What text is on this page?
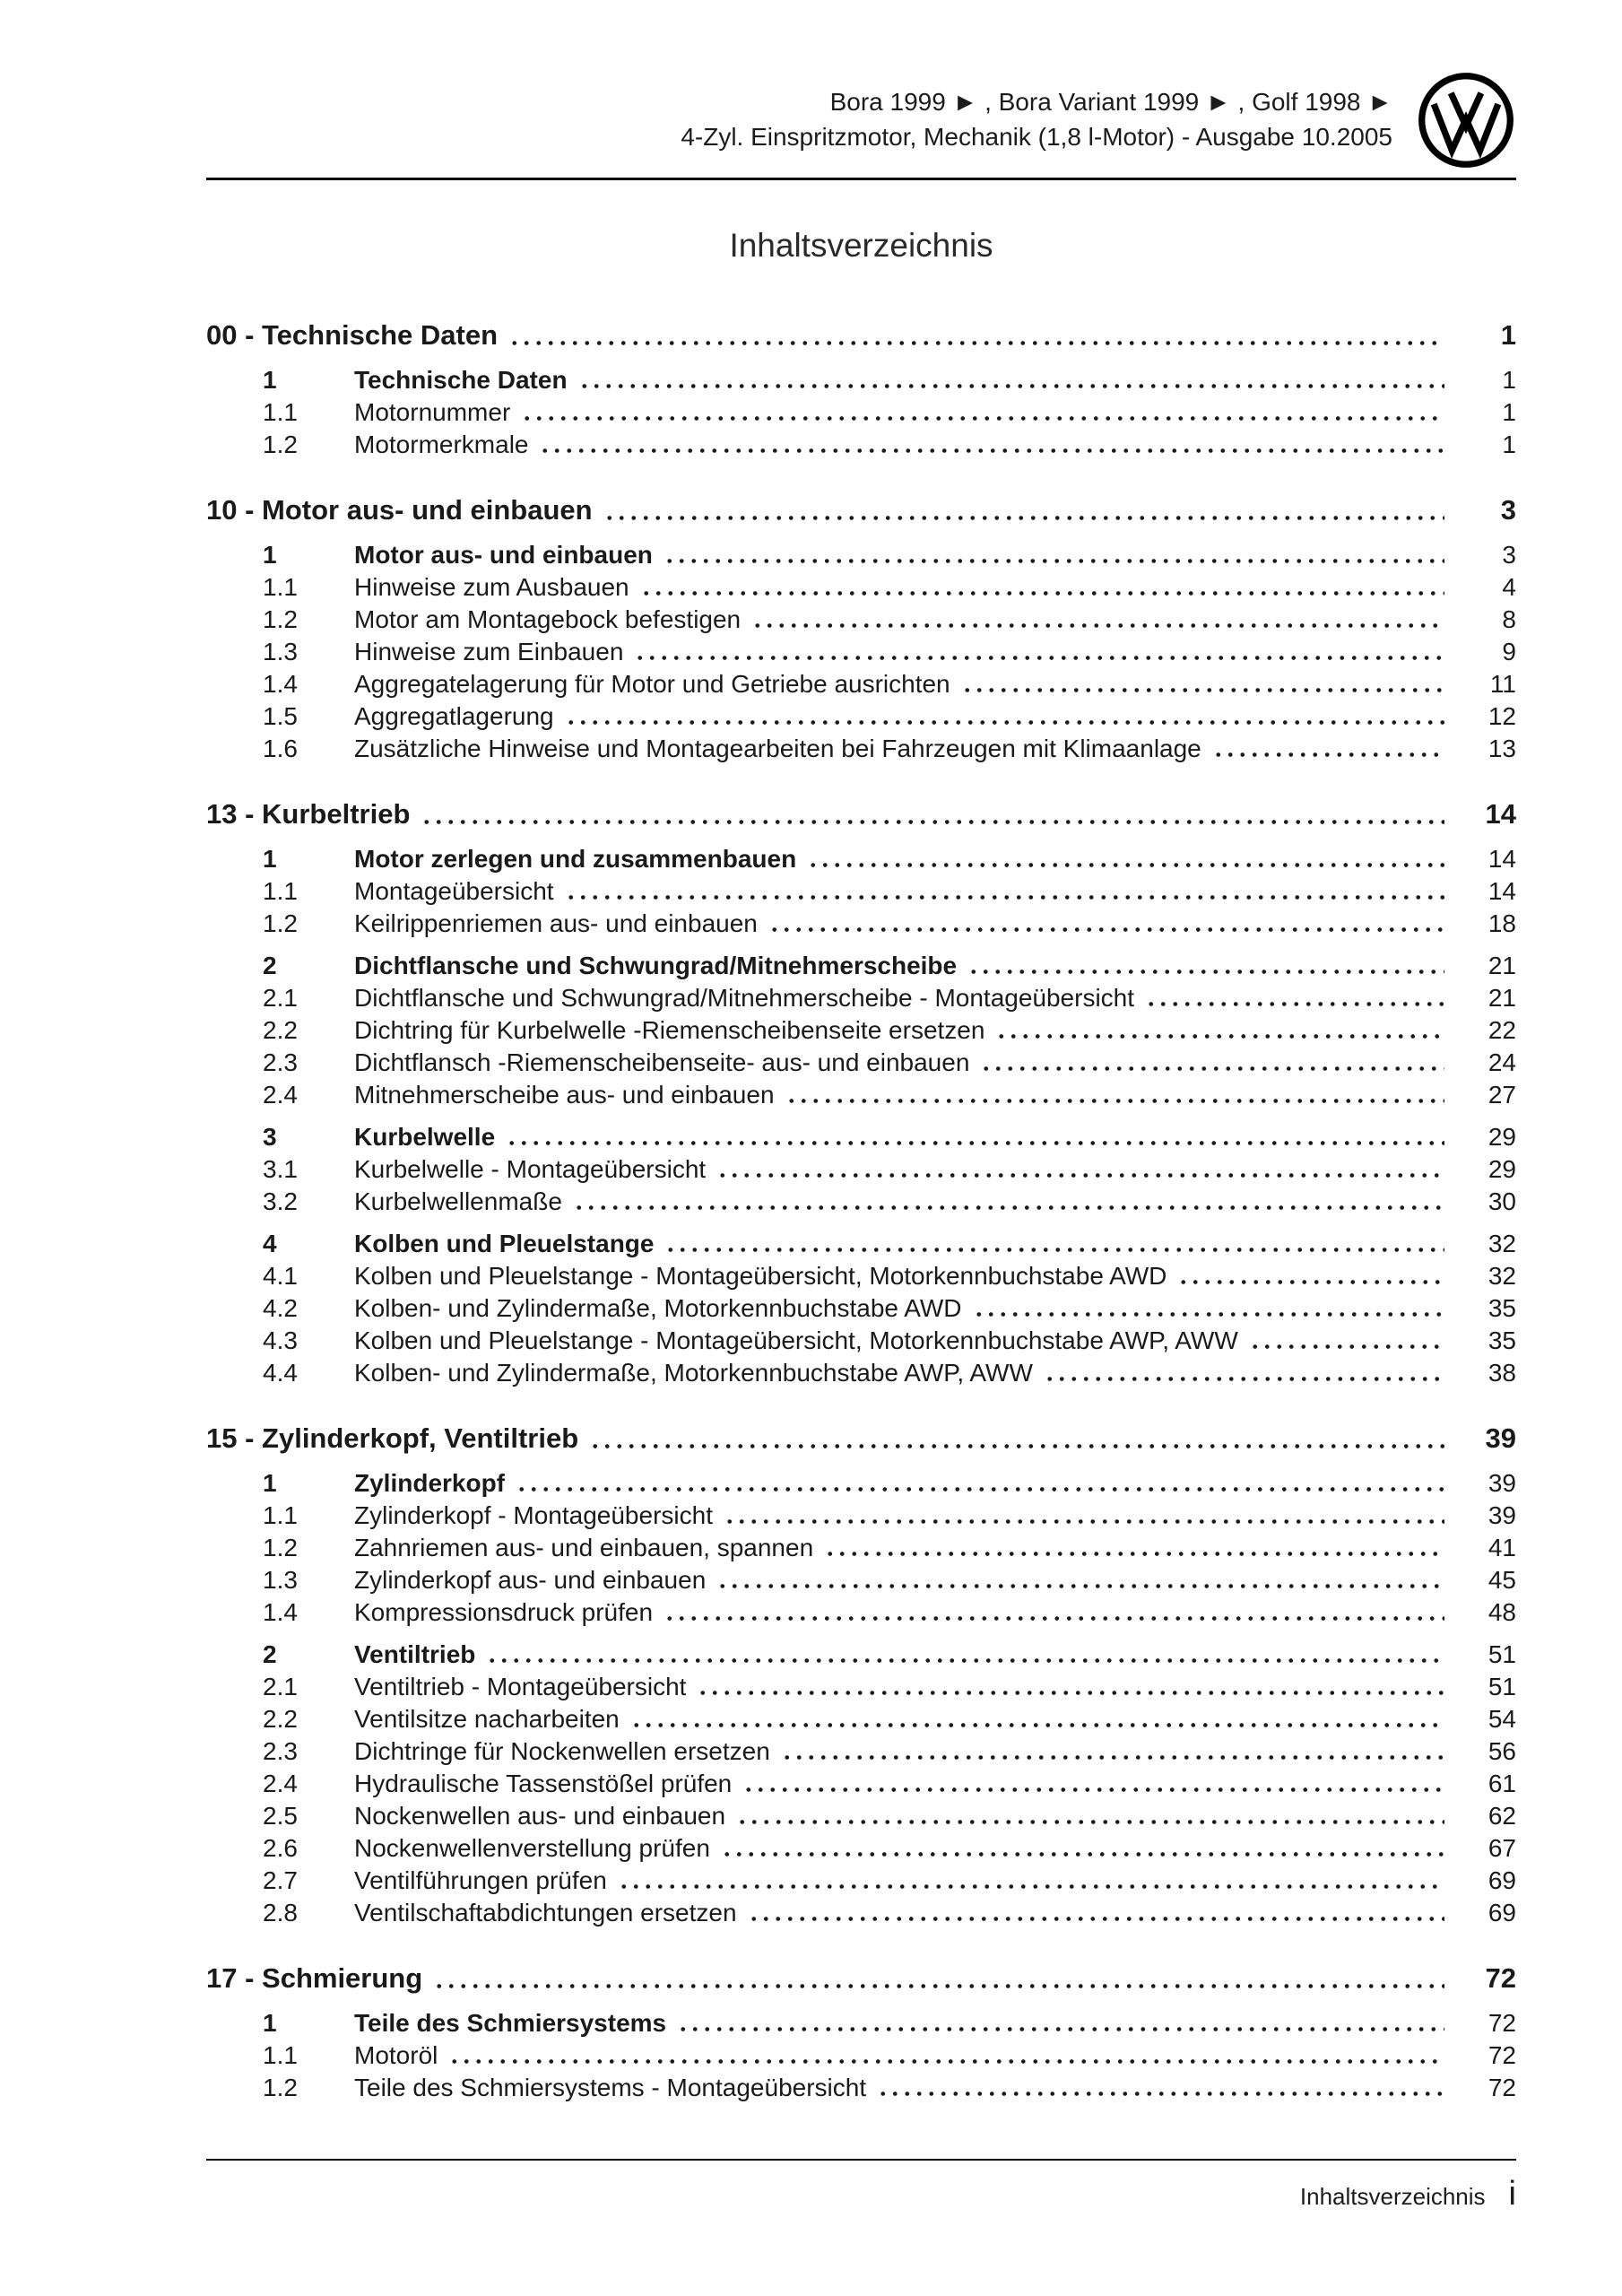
Bora 1999 ► , Bora Variant 1999 ► , Golf 1998 ►
4-Zyl. Einspritzmotor, Mechanik (1,8 l-Motor) - Ausgabe 10.2005
Inhaltsverzeichnis
00 - Technische Daten	1
1	Technische Daten	1
1.1	Motornummer	1
1.2	Motormerkmale	1
10 - Motor aus- und einbauen	3
1	Motor aus- und einbauen	3
1.1	Hinweise zum Ausbauen	4
1.2	Motor am Montagebock befestigen	8
1.3	Hinweise zum Einbauen	9
1.4	Aggregatelagerung für Motor und Getriebe ausrichten	11
1.5	Aggregatlagerung	12
1.6	Zusätzliche Hinweise und Montagearbeiten bei Fahrzeugen mit Klimaanlage	13
13 - Kurbeltrieb	14
1	Motor zerlegen und zusammenbauen	14
1.1	Montageübersicht	14
1.2	Keilrippenriemen aus- und einbauen	18
2	Dichtflansche und Schwungrad/Mitnehmerscheibe	21
2.1	Dichtflansche und Schwungrad/Mitnehmerscheibe - Montageübersicht	21
2.2	Dichtring für Kurbelwelle -Riemenscheibenseite ersetzen	22
2.3	Dichtflansch -Riemenscheibenseite- aus- und einbauen	24
2.4	Mitnehmerscheibe aus- und einbauen	27
3	Kurbelwelle	29
3.1	Kurbelwelle - Montageübersicht	29
3.2	Kurbelwellenmaße	30
4	Kolben und Pleuelstange	32
4.1	Kolben und Pleuelstange - Montageübersicht, Motorkennbuchstabe AWD	32
4.2	Kolben- und Zylindermaße, Motorkennbuchstabe AWD	35
4.3	Kolben und Pleuelstange - Montageübersicht, Motorkennbuchstabe AWP, AWW	35
4.4	Kolben- und Zylindermaße, Motorkennbuchstabe AWP, AWW	38
15 - Zylinderkopf, Ventiltrieb	39
1	Zylinderkopf	39
1.1	Zylinderkopf - Montageübersicht	39
1.2	Zahnriemen aus- und einbauen, spannen	41
1.3	Zylinderkopf aus- und einbauen	45
1.4	Kompressionsdruck prüfen	48
2	Ventiltrieb	51
2.1	Ventiltrieb - Montageübersicht	51
2.2	Ventilsitze nacharbeiten	54
2.3	Dichtringe für Nockenwellen ersetzen	56
2.4	Hydraulische Tassenstößel prüfen	61
2.5	Nockenwellen aus- und einbauen	62
2.6	Nockenwellenverstellung prüfen	67
2.7	Ventilführungen prüfen	69
2.8	Ventilschaftabdichtungen ersetzen	69
17 - Schmierung	72
1	Teile des Schmiersystems	72
1.1	Motoröl	72
1.2	Teile des Schmiersystems - Montageübersicht	72
Inhaltsverzeichnis i
